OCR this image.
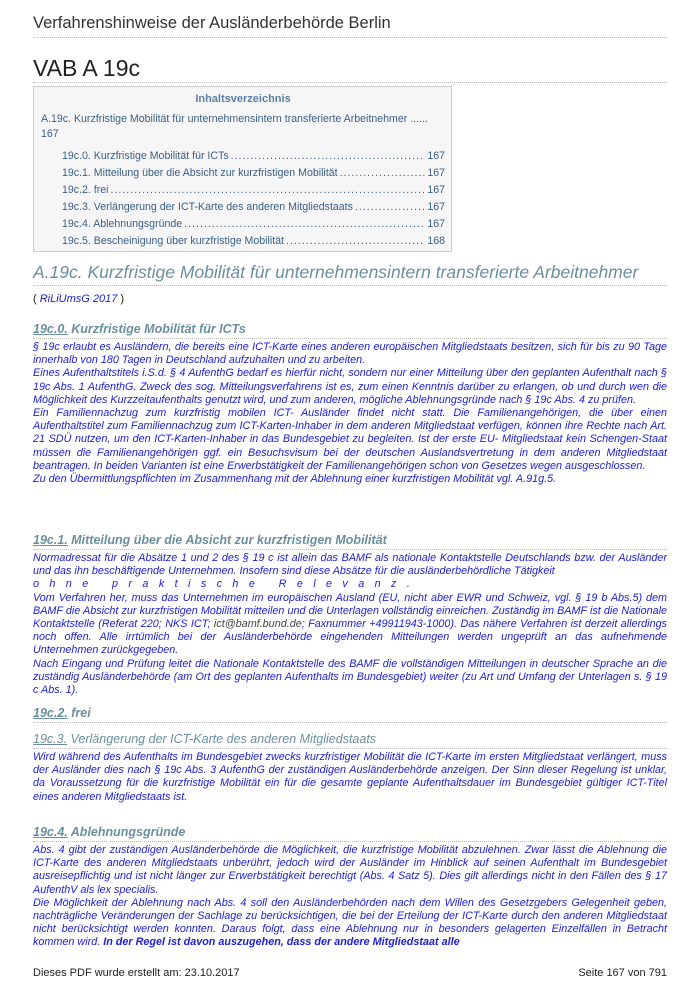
Verfahrenshinweise der Ausländerbehörde Berlin
VAB A 19c
Inhaltsverzeichnis
A.19c. Kurzfristige Mobilität für unternehmensintern transferierte Arbeitnehmer ...... 167
19c.0. Kurzfristige Mobilität für ICTs .....	167
19c.1. Mitteilung über die Absicht zur kurzfristigen Mobilität .....	167
19c.2. frei .....	167
19c.3. Verlängerung der ICT-Karte des anderen Mitgliedstaats .....	167
19c.4. Ablehnungsgründe .....	167
19c.5. Bescheinigung über kurzfristige Mobilität .....	168
A.19c. Kurzfristige Mobilität für unternehmensintern transferierte Arbeitnehmer
( RiLiUmsG 2017 )
19c.0. Kurzfristige Mobilität für ICTs

§ 19c erlaubt es Ausländern, die bereits eine ICT-Karte eines anderen europäischen Mitgliedstaats besitzen, sich für bis zu 90 Tage innerhalb von 180 Tagen in Deutschland aufzuhalten und zu arbeiten.

Eines Aufenthaltstitels i.S.d. § 4 AufenthG bedarf es hierfür nicht, sondern nur einer Mitteilung über den geplanten Aufenthalt nach § 19c Abs. 1 AufenthG. Zweck des sog. Mitteilungsverfahrens ist es, zum einen Kenntnis darüber zu erlangen, ob und durch wen die Möglichkeit des Kurzzeitaufenthalts genutzt wird, und zum anderen, mögliche Ablehnungsgründe nach § 19c Abs. 4 zu prüfen.

Ein Familiennachzug zum kurzfristig mobilen ICT- Ausländer findet nicht statt. Die Familienangehörigen, die über einen Aufenthaltstitel zum Familiennachzug zum ICT-Karten-Inhaber in dem anderen Mitgliedstaat verfügen, können ihre Rechte nach Art. 21 SDÜ nutzen, um den ICT-Karten-Inhaber in das Bundesgebiet zu begleiten. Ist der erste EU- Mitgliedstaat kein Schengen-Staat müssen die Familienangehörigen ggf. ein Besuchsvisum bei der deutschen Auslandsvertretung in dem anderen Mitgliedstaat beantragen. In beiden Varianten ist eine Erwerbstätigkeit der Familienangehörigen schon von Gesetzes wegen ausgeschlossen.

Zu den Übermittlungspflichten im Zusammenhang mit der Ablehnung einer kurzfristigen Mobilität vgl. A.91g.5.

19c.1. Mitteilung über die Absicht zur kurzfristigen Mobilität

Normadressat für die Absätze 1 und 2 des § 19 c ist allein das BAMF als nationale Kontaktstelle Deutschlands bzw. der Ausländer und das ihn beschäftigende Unternehmen. Insofern sind diese Absätze für die ausländerbehördliche Tätigkeit

ohne praktische Relevanz.

Vom Verfahren her, muss das Unternehmen im europäischen Ausland (EU, nicht aber EWR und Schweiz, vgl. § 19 b Abs.5) dem BAMF die Absicht zur kurzfristigen Mobilität mitteilen und die Unterlagen vollständig einreichen. Zuständig im BAMF ist die Nationale Kontaktstelle (Referat 220; NKS ICT; ict@bamf.bund.de; Faxnummer +49911943-1000). Das nähere Verfahren ist derzeit allerdings noch offen. Alle irrtümlich bei der Ausländerbehörde eingehenden Mitteilungen werden ungeprüft an das aufnehmende Unternehmen zurückgegeben.

Nach Eingang und Prüfung leitet die Nationale Kontaktstelle des BAMF die vollständigen Mitteilungen in deutscher Sprache an die zuständig Ausländerbehörde (am Ort des geplanten Aufenthalts im Bundesgebiet) weiter (zu Art und Umfang der Unterlagen s. § 19 c Abs. 1).

19c.2. frei
19c.3. Verlängerung der ICT-Karte des anderen Mitgliedstaats

Wird während des Aufenthalts im Bundesgebiet zwecks kurzfristiger Mobilität die ICT-Karte im ersten Mitgliedstaat verlängert, muss der Ausländer dies nach § 19c Abs. 3 AufenthG der zuständigen Ausländerbehörde anzeigen. Der Sinn dieser Regelung ist unklar, da Voraussetzung für die kurzfristige Mobilität ein für die gesamte geplante Aufenthaltsdauer im Bundesgebiet gültiger ICT-Titel eines anderen Mitgliedstaats ist.

19c.4. Ablehnungsgründe

Abs. 4 gibt der zuständigen Ausländerbehörde die Möglichkeit, die kurzfristige Mobilität abzulehnen. Zwar lässt die Ablehnung die ICT-Karte des anderen Mitgliedstaats unberührt, jedoch wird der Ausländer im Hinblick auf seinen Aufenthalt im Bundesgebiet ausreisepflichtig und ist nicht länger zur Erwerbstätigkeit berechtigt (Abs. 4 Satz 5). Dies gilt allerdings nicht in den Fällen des § 17 AufenthV als lex specialis.

Die Möglichkeit der Ablehnung nach Abs. 4 soll den Ausländerbehörden nach dem Willen des Gesetzgebers Gelegenheit geben, nachträgliche Veränderungen der Sachlage zu berücksichtigen, die bei der Erteilung der ICT-Karte durch den anderen Mitgliedstaat nicht berücksichtigt werden konnten. Daraus folgt, dass eine Ablehnung nur in besonders gelagerten Einzelfällen in Betracht kommen wird. In der Regel ist davon auszugehen, dass der andere Mitgliedstaat alle

Dieses PDF wurde erstellt am: 23.10.2017	Seite 167 von 791
